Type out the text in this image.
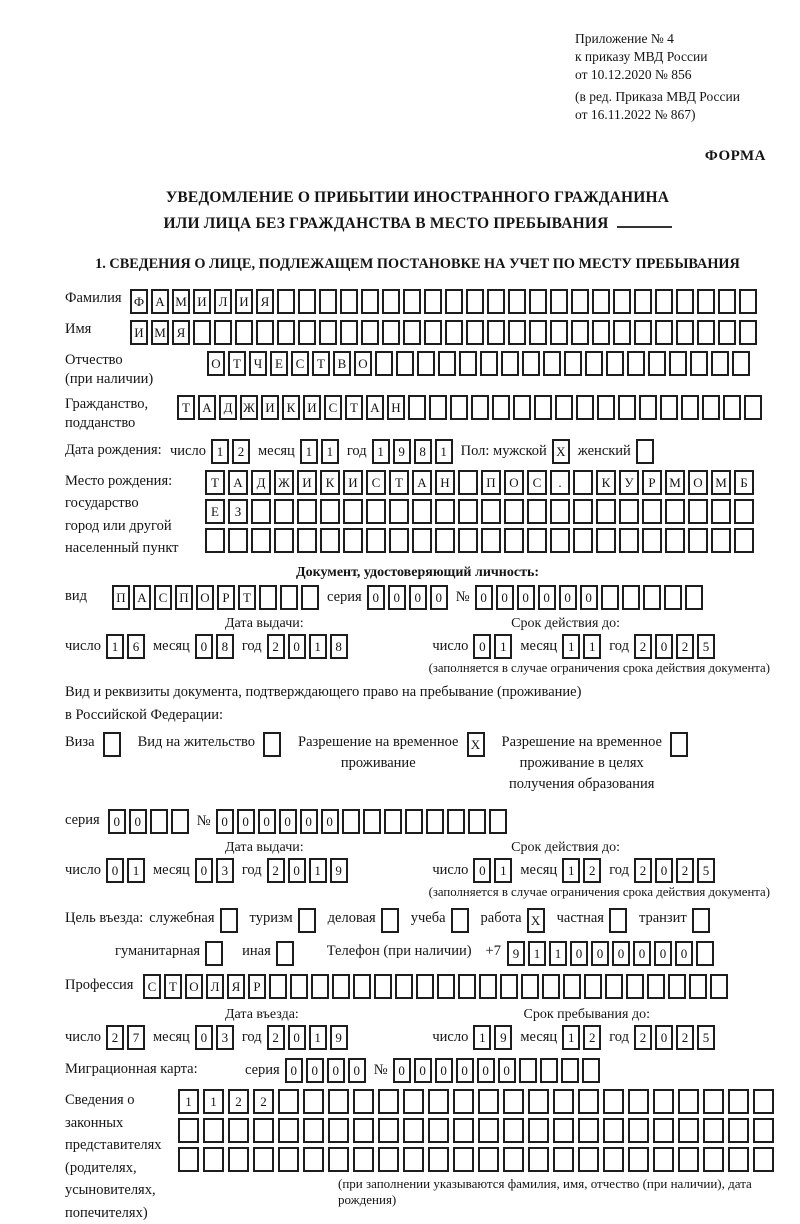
Приложение № 4
к приказу МВД России
от 10.12.2020 № 856
(в ред. Приказа МВД России
от 16.11.2022 № 867)
ФОРМА
УВЕДОМЛЕНИЕ О ПРИБЫТИИ ИНОСТРАННОГО ГРАЖДАНИНА
ИЛИ ЛИЦА БЕЗ ГРАЖДАНСТВА В МЕСТО ПРЕБЫВАНИЯ
1. СВЕДЕНИЯ О ЛИЦЕ, ПОДЛЕЖАЩЕМ ПОСТАНОВКЕ НА УЧЕТ ПО МЕСТУ ПРЕБЫВАНИЯ
Фамилия Ф А М И Л И Я
Имя	И М Я
Отчество
(при наличии)
О Т Ч Е С Т В О
Гражданство,
подданство
Т А Д Ж И К И С Т А Н
Дата рождения: число 1	2 месяц 1	1 год 1	9	8	1 Пол: мужской X женский
Место рождения:
государство
город или другой
населенный пункт
Т	А	Д Ж И	К	И	С	Т	А	Н	П	О	С	.	К	У	Р	М О М	Б
Е	З
Документ, удостоверяющий личность:
вид	П А С П О Р	Т	серия 0	0	0	0 № 0	0	0	0	0	0
Дата выдачи:	Срок действия до:
число 1	6 месяц 0	8 год 2	0	1	8	число 0	1 месяц 1	1 год 2	0	2	5
(заполняется в случае ограничения срока действия документа)
Вид и реквизиты документа, подтверждающего право на пребывание (проживание)
в Российской Федерации:
Виза	Вид на жительство	Разрешение на временное
проживание
X Разрешение на временное
проживание в целях
получения образования
серия	0	0	№ 0	0	0	0	0	0
Дата выдачи:	Срок действия до:
число 0	1 месяц 0	3 год 2	0	1	9	число 0	1 месяц 1	2 год 2	0	2	5
(заполняется в случае ограничения срока действия документа)
Цель въезда: служебная туризм деловая учеба работа X частная транзит
гуманитарная	иная	Телефон (при наличии) +7 9	1	1	0	0	0	0	0	0
Профессия	С Т О Л Я	Р
Дата въезда:	Срок пребывания до:
число 2	7 месяц 0	3 год 2	0	1	9	число 1	9 месяц 1	2 год 2	0	2	5
Миграционная карта:	серия 0	0	0	0 № 0	0	0	0	0	0
Сведения о
законных
представителях
(родителях,
усыновителях,
попечителях)
1	1	2	2
(при заполнении указываются фамилия, имя, отчество (при наличии), дата рождения)
